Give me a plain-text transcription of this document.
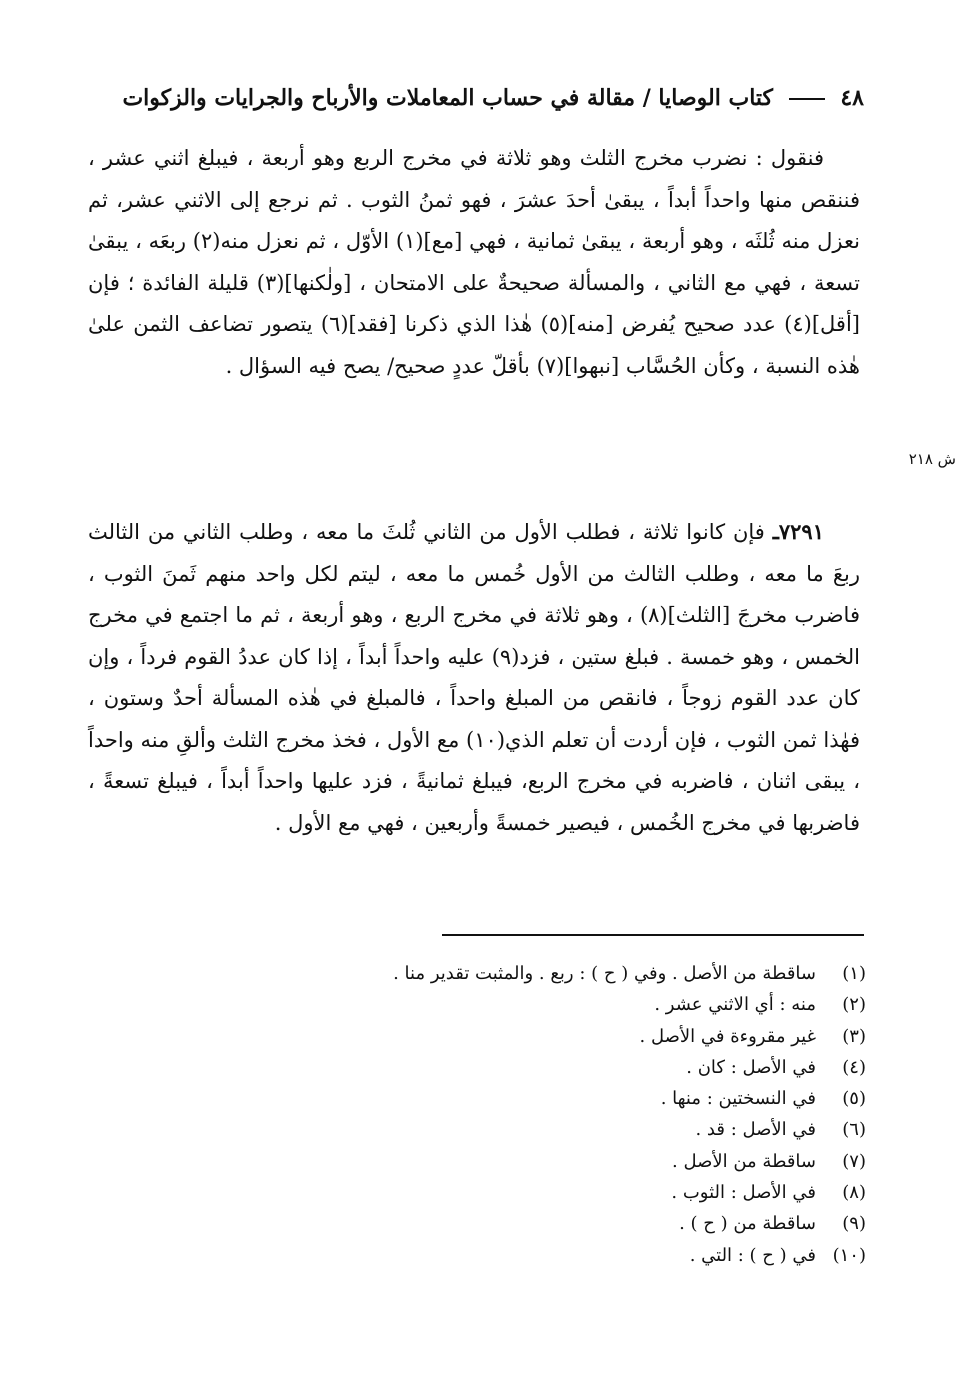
٤٨  كتاب الوصايا / مقالة في حساب المعاملات والأرباح والجرايات والزكوات

فنقول : نضرب مخرج الثلث وهو ثلاثة في مخرج الربع وهو أربعة ، فيبلغ اثني عشر ، فننقص منها واحداً أبداً ، يبقىٰ أحدَ عشرَ ، فهو ثمنُ الثوب . ثم نرجع إلى الاثني عشر، ثم نعزل منه ثُلثَه ، وهو أربعة ، يبقىٰ ثمانية ، فهي [مع](١) الأوّل ، ثم نعزل منه(٢) ربعَه ، يبقىٰ تسعة ، فهي مع الثاني ، والمسألة صحيحةٌ على الامتحان ، [ولٰكنها](٣) قليلة الفائدة ؛ فإن [أقل](٤) عدد صحيح يُفرض [منه](٥) هٰذا الذي ذكرنا [فقد](٦) يتصور تضاعف الثمن علىٰ هٰذه النسبة ، وكأن الحُسَّاب [نبهوا](٧) بأقلّ عددٍ صحيح/ يصح فيه السؤال .

ش ٢١٨

٧٢٩١ـ فإن كانوا ثلاثة ، فطلب الأول من الثاني ثُلثَ ما معه ، وطلب الثاني من الثالث ربعَ ما معه ، وطلب الثالث من الأول خُمس ما معه ، ليتم لكل واحد منهم ثَمنَ الثوب ، فاضرب مخرجَ [الثلث](٨) ، وهو ثلاثة في مخرج الربع ، وهو أربعة ، ثم ما اجتمع في مخرج الخمس ، وهو خمسة . فبلغ ستين ، فزد(٩) عليه واحداً أبداً ، إذا كان عددُ القوم فرداً ، وإن كان عدد القوم زوجاً ، فانقص من المبلغ واحداً ، فالمبلغ في هٰذه المسألة أحدٌ وستون ، فهٰذا ثمن الثوب ، فإن أردت أن تعلم الذي(١٠) مع الأول ، فخذ مخرج الثلث وألقِ منه واحداً ، يبقى اثنان ، فاضربه في مخرج الربع، فيبلغ ثمانيةً ، فزد عليها واحداً أبداً ، فيبلغ تسعةً ، فاضربها في مخرج الخُمس ، فيصير خمسةً وأربعين ، فهي مع الأول .

(١)ساقطة من الأصل . وفي ( ح ) : ربع . والمثبت تقدير منا .
(٢)منه : أي الاثني عشر .
(٣)غير مقروءة في الأصل .
(٤)في الأصل : كان .
(٥)في النسختين : منها .
(٦)في الأصل : قد .
(٧)ساقطة من الأصل .
(٨)في الأصل : الثوب .
(٩)ساقطة من ( ح ) .
(١٠)في ( ح ) : التي .
